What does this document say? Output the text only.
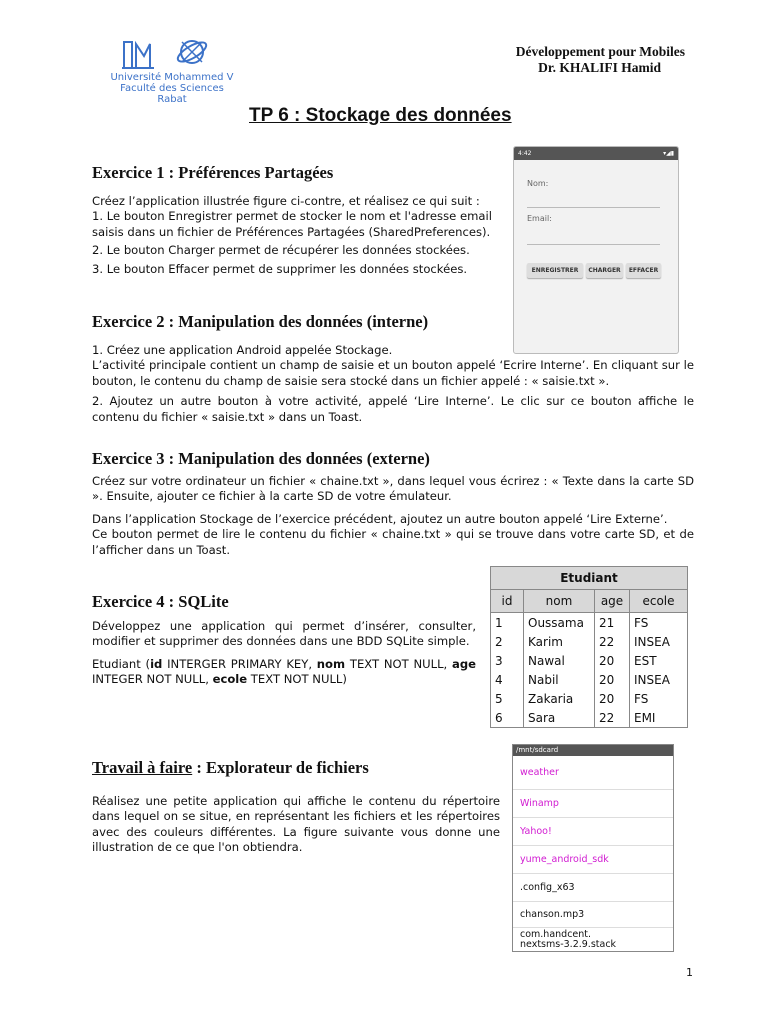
Université Mohammed V
Faculté des Sciences
Rabat
Développement pour Mobiles
Dr. KHALIFI Hamid
TP 6 : Stockage des données
Exercice 1 : Préférences Partagées

Créez l’application illustrée figure ci-contre, et réalisez ce qui suit :

1. Le bouton Enregistrer permet de stocker le nom et l'adresse email saisis dans un fichier de Préférences Partagées (SharedPreferences).

2. Le bouton Charger permet de récupérer les données stockées.

3. Le bouton Effacer permet de supprimer les données stockées.

4:42	▾◢▮
Nom:
Email:
ENREGISTRER	CHARGER	EFFACER
Exercice 2 : Manipulation des données (interne)

1. Créez une application Android appelée Stockage.

L’activité principale contient un champ de saisie et un bouton appelé ‘Ecrire Interne’. En cliquant sur le bouton, le contenu du champ de saisie sera stocké dans un fichier appelé : « saisie.txt ».

2. Ajoutez un autre bouton à votre activité, appelé ‘Lire Interne’. Le clic sur ce bouton affiche le contenu du fichier « saisie.txt » dans un Toast.

Exercice 3 : Manipulation des données (externe)

Créez sur votre ordinateur un fichier « chaine.txt », dans lequel vous écrirez : « Texte dans la carte SD ». Ensuite, ajouter ce fichier à la carte SD de votre émulateur.

Dans l’application Stockage de l’exercice précédent, ajoutez un autre bouton appelé ‘Lire Externe’.

Ce bouton permet de lire le contenu du fichier « chaine.txt » qui se trouve dans votre carte SD, et de l’afficher dans un Toast.

Exercice 4 : SQLite

Développez une application qui permet d’insérer, consulter, modifier et supprimer des données dans une BDD SQLite simple.

Etudiant (id INTERGER PRIMARY KEY, nom TEXT NOT NULL, age INTEGER NOT NULL, ecole TEXT NOT NULL)

Etudiant			
id	nom	age	ecole
1	Oussama	21	FS
2	Karim	22	INSEA
3	Nawal	20	EST
4	Nabil	20	INSEA
5	Zakaria	20	FS
6	Sara	22	EMI
Travail à faire : Explorateur de fichiers
Réalisez une petite application qui affiche le contenu du répertoire dans lequel on se situe, en représentant les fichiers et les répertoires avec des couleurs différentes. La figure suivante vous donne une illustration de ce que l'on obtiendra.
/mnt/sdcard
weather
Winamp
Yahoo!
yume_android_sdk
.config_x63
chanson.mp3
com.handcent.
nextsms-3.2.9.stack
1
